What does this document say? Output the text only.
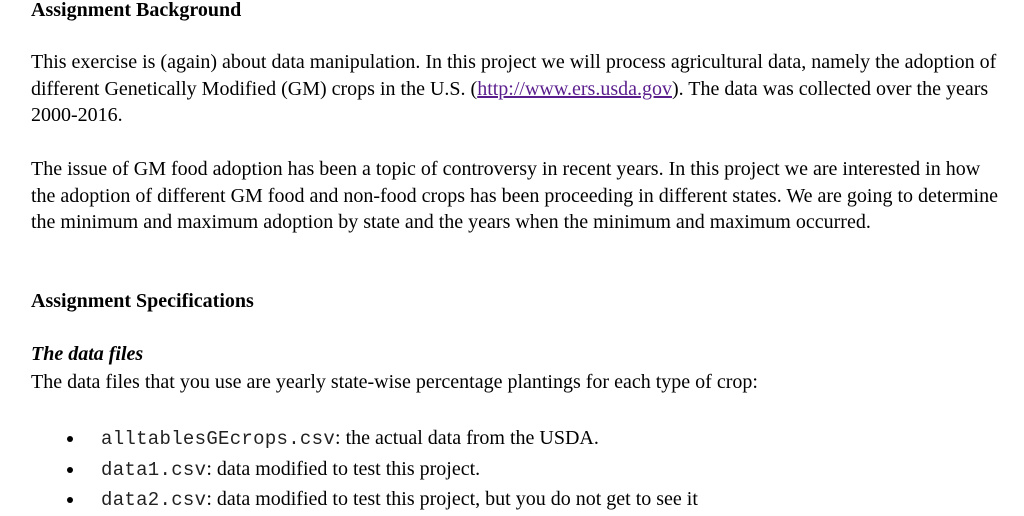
Assignment Background

This exercise is (again) about data manipulation. In this project we will process agricultural data, namely the adoption of different Genetically Modified (GM) crops in the U.S. (http://www.ers.usda.gov). The data was collected over the years 2000-2016.

The issue of GM food adoption has been a topic of controversy in recent years. In this project we are interested in how the adoption of different GM food and non-food crops has been proceeding in different states. We are going to determine the minimum and maximum adoption by state and the years when the minimum and maximum occurred.

Assignment Specifications
The data files

The data files that you use are yearly state-wise percentage plantings for each type of crop:

alltablesGEcrops.csv: the actual data from the USDA.
data1.csv: data modified to test this project.
data2.csv: data modified to test this project, but you do not get to see it
